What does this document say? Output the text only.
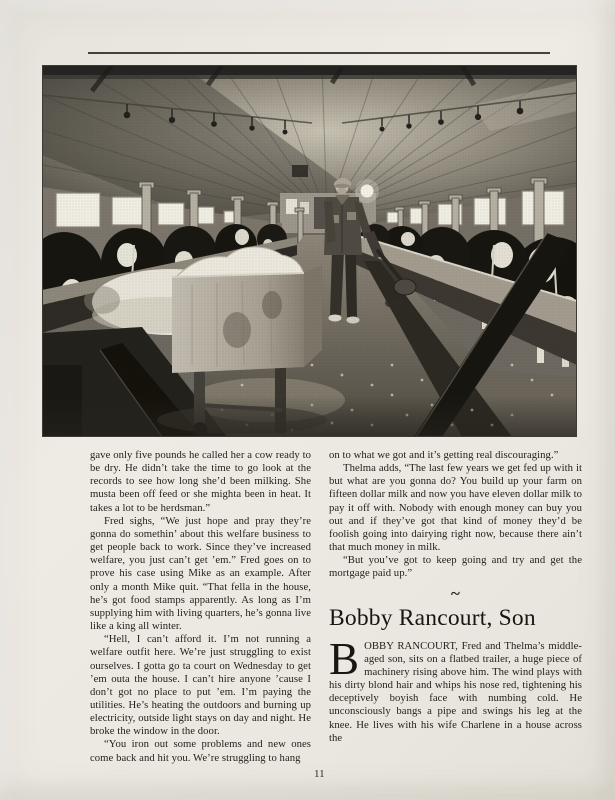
gave only five pounds he called her a cow ready to be dry. He didn’t take the time to go look at the records to see how long she’d been milking. She musta been off feed or she mighta been in heat. It takes a lot to be herdsman.”

Fred sighs, “We just hope and pray they’re gonna do somethin’ about this welfare business to get people back to work. Since they’ve increased welfare, you just can’t get ’em.” Fred goes on to prove his case using Mike as an example. After only a month Mike quit. “That fella in the house, he’s got food stamps apparently. As long as I’m supplying him with living quarters, he’s gonna live like a king all winter.

“Hell, I can’t afford it. I’m not running a welfare outfit here. We’re just struggling to exist ourselves. I gotta go ta court on Wednesday to get ’em outa the house. I can’t hire anyone ’cause I don’t got no place to put ’em. I’m paying the utilities. He’s heating the outdoors and burning up electricity, outside light stays on day and night. He broke the window in the door.

“You iron out some problems and new ones come back and hit you. We’re struggling to hang

on to what we got and it’s getting real discouraging.”

Thelma adds, “The last few years we get fed up with it but what are you gonna do? You build up your farm on fifteen dollar milk and now you have eleven dollar milk to pay it off with. Nobody with enough money can buy you out and if they’ve got that kind of money they’d be foolish going into dairying right now, because there ain’t that much money in milk.

“But you’ve got to keep going and try and get the mortgage paid up.”

~
Bobby Rancourt, Son

BOBBY RANCOURT, Fred and Thelma’s middle-aged son, sits on a flatbed trailer, a huge piece of machinery rising above him. The wind plays with his dirty blond hair and whips his nose red, tightening his deceptively boyish face with numbing cold. He unconsciously bangs a pipe and swings his leg at the knee. He lives with his wife Charlene in a house across the

11
